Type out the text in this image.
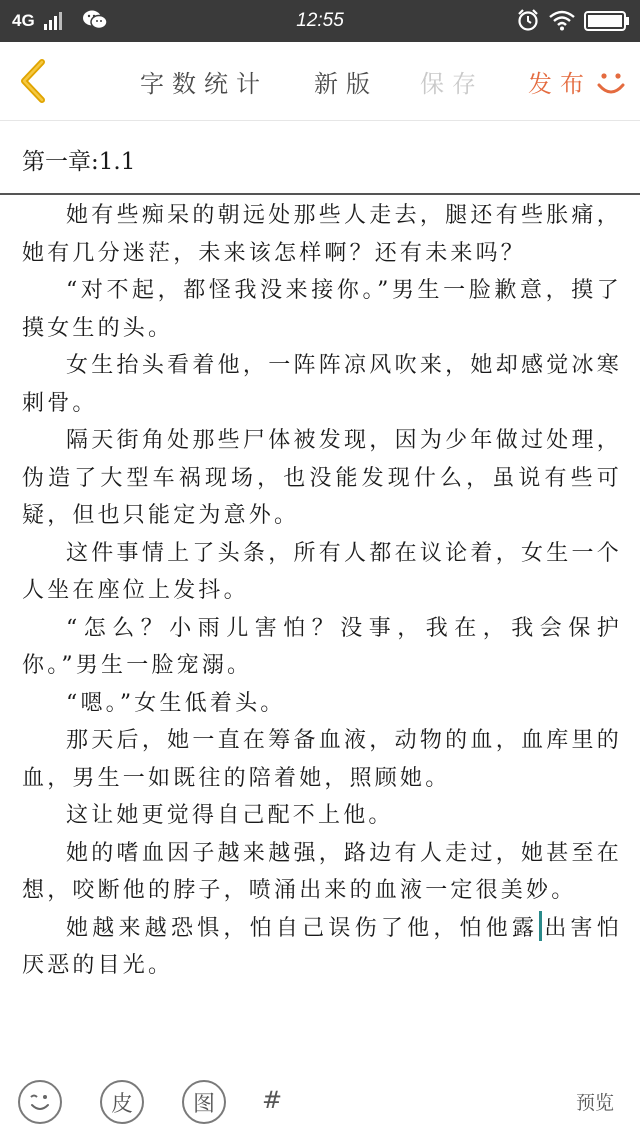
4G	12:55
字数统计 新版 保存 发布
第一章:1.1

她有些痴呆的朝远处那些人走去，腿还有些胀痛，她有几分迷茫，未来该怎样啊？还有未来吗？

“对不起，都怪我没来接你。”男生一脸歉意，摸了摸女生的头。

女生抬头看着他，一阵阵凉风吹来，她却感觉冰寒刺骨。

隔天街角处那些尸体被发现，因为少年做过处理，伪造了大型车祸现场，也没能发现什么，虽说有些可疑，但也只能定为意外。

这件事情上了头条，所有人都在议论着，女生一个人坐在座位上发抖。

“怎么？小雨儿害怕？没事，我在，我会保护你。”男生一脸宠溺。

“嗯。”女生低着头。

那天后，她一直在筹备血液，动物的血，血库里的血，男生一如既往的陪着她，照顾她。

这让她更觉得自己配不上他。

她的嗜血因子越来越强，路边有人走过，她甚至在想，咬断他的脖子，喷涌出来的血液一定很美妙。

她越来越恐惧，怕自己误伤了他，怕他露 出害怕厌恶的目光。

皮	图	#	预览
